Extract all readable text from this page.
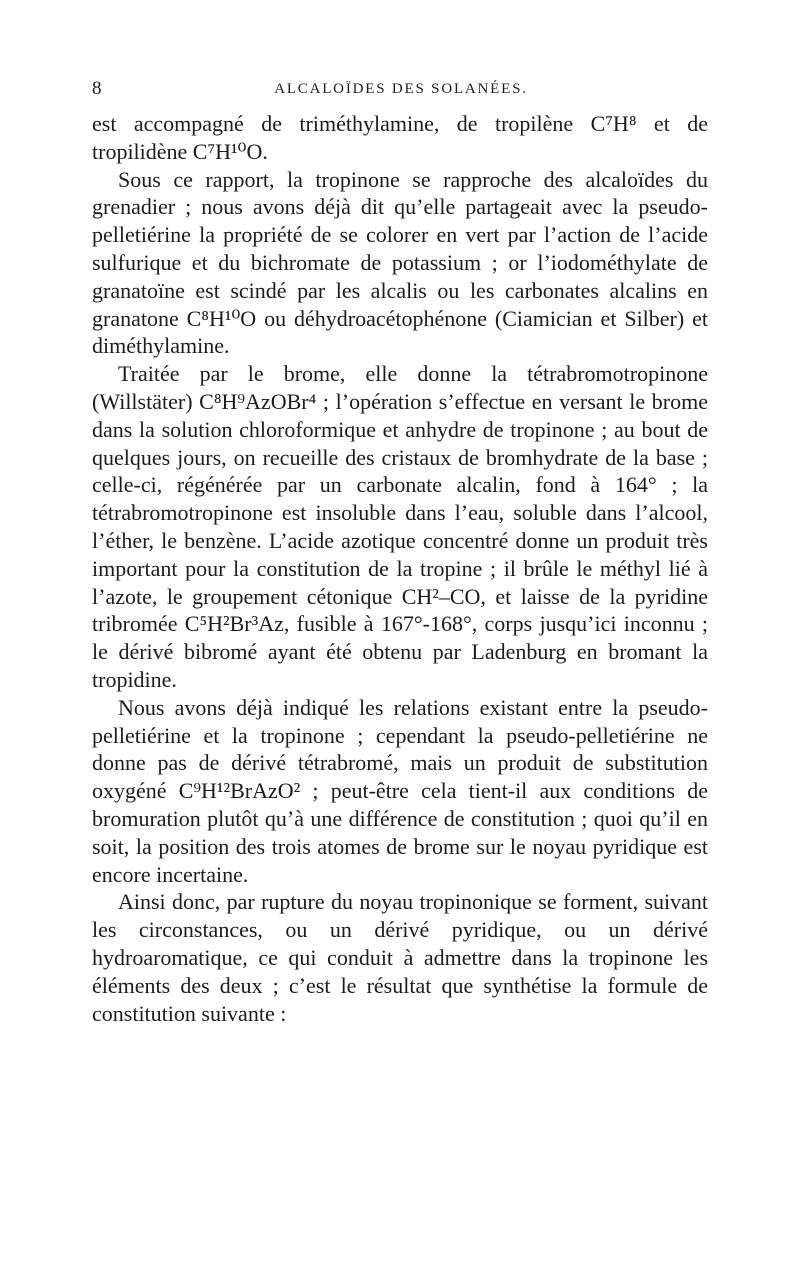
8	ALCALOÏDES DES SOLANÉES.

est accompagné de triméthylamine, de tropilène C⁷H⁸ et de tropilidène C⁷H¹⁰O.

Sous ce rapport, la tropinone se rapproche des alcaloïdes du grenadier ; nous avons déjà dit qu’elle partageait avec la pseudo-pelletiérine la propriété de se colorer en vert par l’action de l’acide sulfurique et du bichromate de potassium ; or l’iodométhylate de granatoïne est scindé par les alcalis ou les carbonates alcalins en granatone C⁸H¹⁰O ou déhydroacétophénone (Ciamician et Silber) et diméthylamine.

Traitée par le brome, elle donne la tétrabromotropinone (Willstäter) C⁸H⁹AzOBr⁴ ; l’opération s’effectue en versant le brome dans la solution chloroformique et anhydre de tropinone ; au bout de quelques jours, on recueille des cristaux de bromhydrate de la base ; celle-ci, régénérée par un carbonate alcalin, fond à 164° ; la tétrabromotropinone est insoluble dans l’eau, soluble dans l’alcool, l’éther, le benzène. L’acide azotique concentré donne un produit très important pour la constitution de la tropine ; il brûle le méthyl lié à l’azote, le groupement cétonique CH²–CO, et laisse de la pyridine tribromée C⁵H²Br³Az, fusible à 167°-168°, corps jusqu’ici inconnu ; le dérivé bibromé ayant été obtenu par Ladenburg en bromant la tropidine.

Nous avons déjà indiqué les relations existant entre la pseudo-pelletiérine et la tropinone ; cependant la pseudo-pelletiérine ne donne pas de dérivé tétrabromé, mais un produit de substitution oxygéné C⁹H¹²BrAzO² ; peut-être cela tient-il aux conditions de bromuration plutôt qu’à une différence de constitution ; quoi qu’il en soit, la position des trois atomes de brome sur le noyau pyridique est encore incertaine.

Ainsi donc, par rupture du noyau tropinonique se forment, suivant les circonstances, ou un dérivé pyridique, ou un dérivé hydroaromatique, ce qui conduit à admettre dans la tropinone les éléments des deux ; c’est le résultat que synthétise la formule de constitution suivante :
